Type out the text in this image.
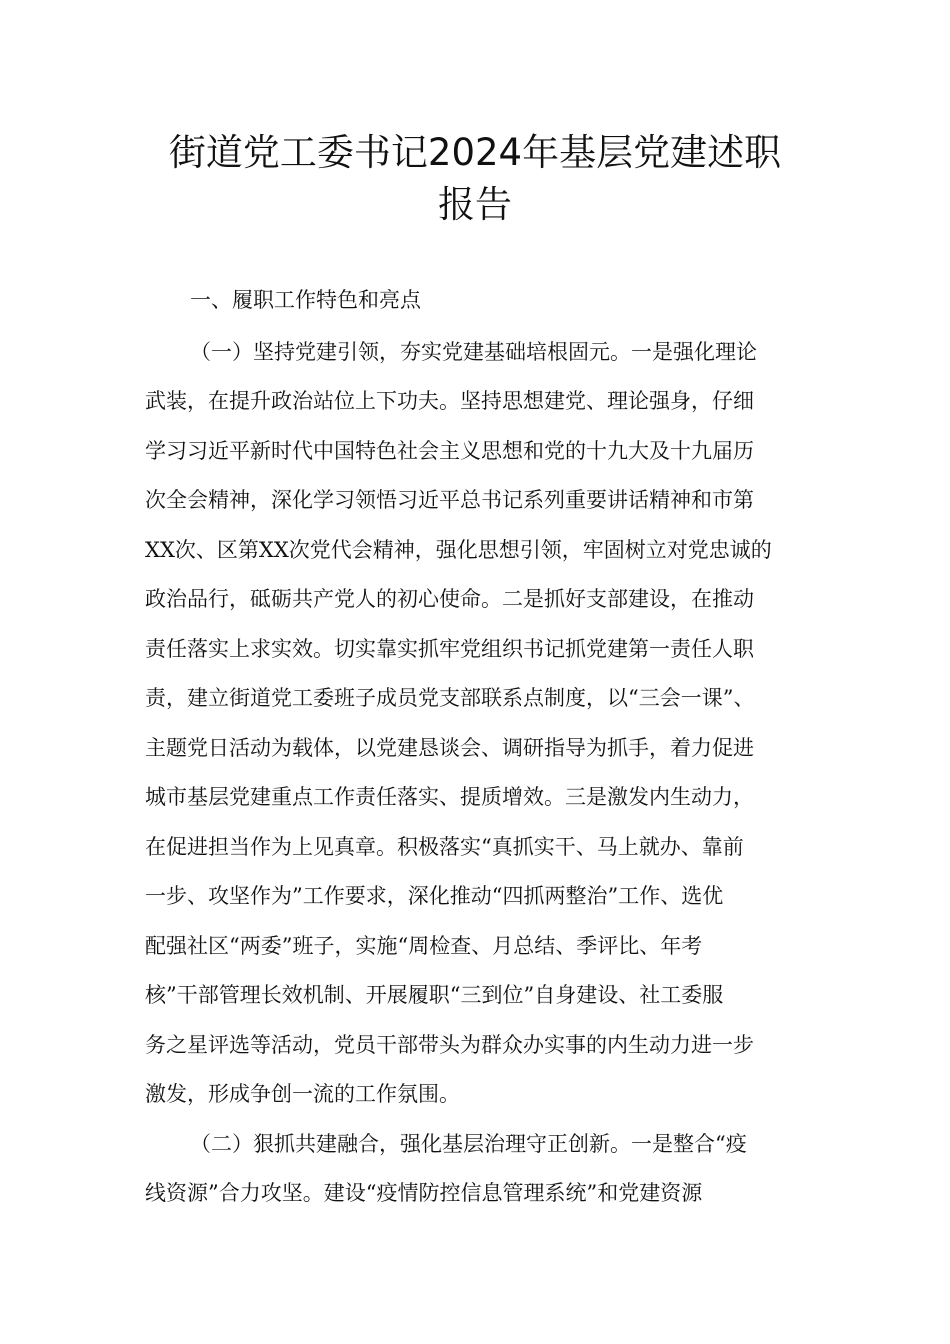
街道党工委书记2024年基层党建述职
报告
一、履职工作特色和亮点
（一）坚持党建引领，夯实党建基础培根固元。一是强化理论
武装，在提升政治站位上下功夫。坚持思想建党、理论强身，仔细
学习习近平新时代中国特色社会主义思想和党的十九大及十九届历
次全会精神，深化学习领悟习近平总书记系列重要讲话精神和市第
XX次、区第XX次党代会精神，强化思想引领，牢固树立对党忠诚的
政治品行，砥砺共产党人的初心使命。二是抓好支部建设，在推动
责任落实上求实效。切实靠实抓牢党组织书记抓党建第一责任人职
责，建立街道党工委班子成员党支部联系点制度，以“三会一课”、
主题党日活动为载体，以党建恳谈会、调研指导为抓手，着力促进
城市基层党建重点工作责任落实、提质增效。三是激发内生动力，
在促进担当作为上见真章。积极落实“真抓实干、马上就办、靠前
一步、攻坚作为”工作要求，深化推动“四抓两整治”工作、选优
配强社区“两委”班子，实施“周检查、月总结、季评比、年考
核”干部管理长效机制、开展履职“三到位”自身建设、社工委服
务之星评选等活动，党员干部带头为群众办实事的内生动力进一步
激发，形成争创一流的工作氛围。
（二）狠抓共建融合，强化基层治理守正创新。一是整合“疫
线资源”合力攻坚。建设“疫情防控信息管理系统”和党建资源
